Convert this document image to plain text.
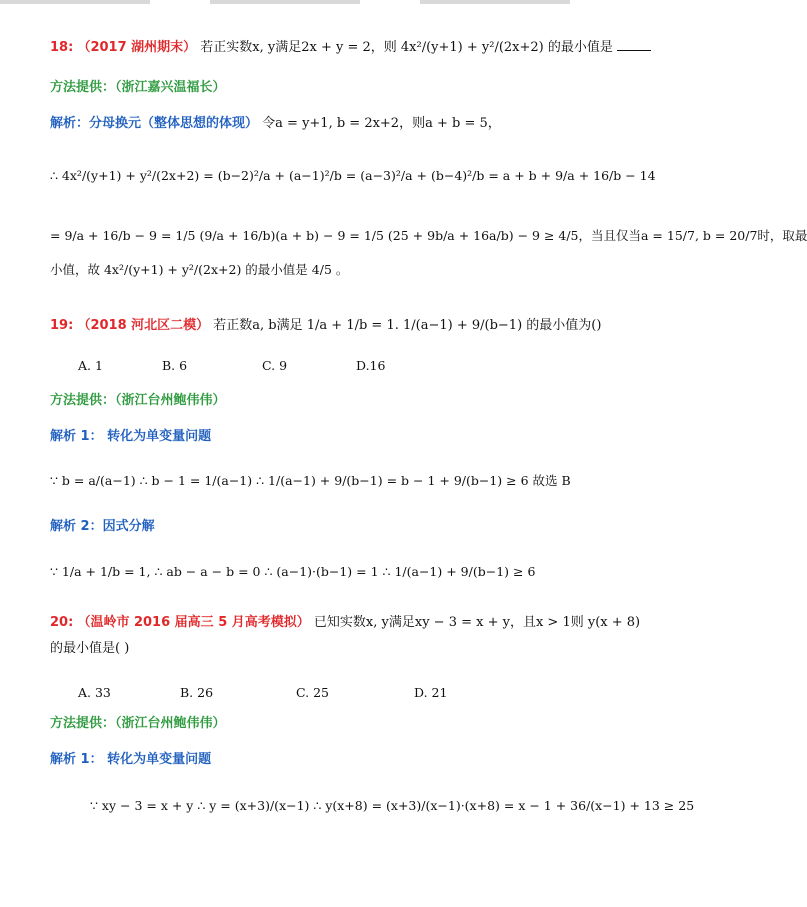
18: （2017 湖州期末） 若正实数x, y满足2x + y = 2，则 4x²/(y+1) + y²/(2x+2) 的最小值是
方法提供：（浙江嘉兴温福长）
解析：分母换元（整体思想的体现） 令a = y+1, b = 2x+2，则a + b = 5，
∴ 4x²/(y+1) + y²/(2x+2) = (b−2)²/a + (a−1)²/b = (a−3)²/a + (b−4)²/b = a + b + 9/a + 16/b − 14
= 9/a + 16/b − 9 = 1/5 (9/a + 16/b)(a + b) − 9 = 1/5 (25 + 9b/a + 16a/b) − 9 ≥ 4/5，当且仅当a = 15/7, b = 20/7时，取最
小值，故 4x²/(y+1) + y²/(2x+2) 的最小值是 4/5 。
19: （2018 河北区二模） 若正数a, b满足 1/a + 1/b = 1. 1/(a−1) + 9/(b−1) 的最小值为()
A. 1	B. 6	C. 9	D.16
方法提供：（浙江台州鲍伟伟）
解析 1： 转化为单变量问题
∵ b = a/(a−1) ∴ b − 1 = 1/(a−1) ∴ 1/(a−1) + 9/(b−1) = b − 1 + 9/(b−1) ≥ 6 故选 B
解析 2：因式分解
∵ 1/a + 1/b = 1, ∴ ab − a − b = 0 ∴ (a−1)·(b−1) = 1 ∴ 1/(a−1) + 9/(b−1) ≥ 6
20: （温岭市 2016 届高三 5 月高考模拟） 已知实数x, y满足xy − 3 = x + y，且x > 1则 y(x + 8)
的最小值是( )
A. 33	B. 26	C. 25	D. 21
方法提供：（浙江台州鲍伟伟）
解析 1： 转化为单变量问题
∵ xy − 3 = x + y ∴ y = (x+3)/(x−1) ∴ y(x+8) = (x+3)/(x−1)·(x+8) = x − 1 + 36/(x−1) + 13 ≥ 25
